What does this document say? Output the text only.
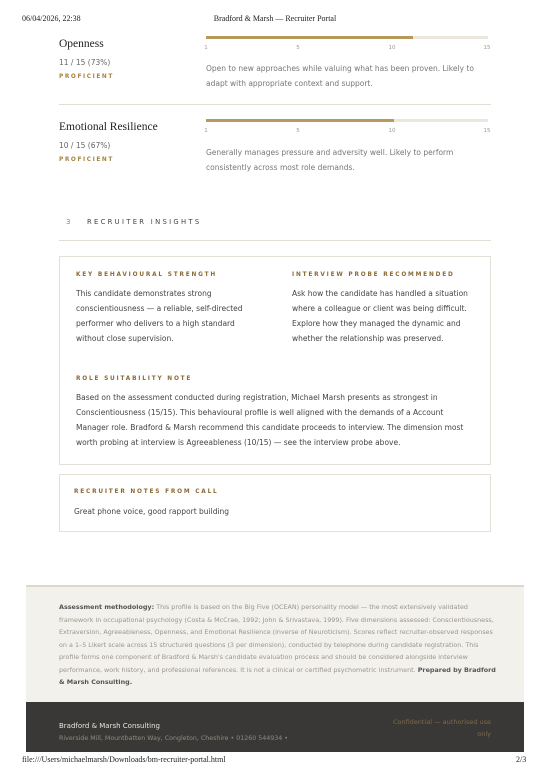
06/04/2026, 22:38	Bradford & Marsh — Recruiter Portal
Openness
11 / 15 (73%)
PROFICIENT
1	5	10	15
Open to new approaches while valuing what has been proven. Likely to adapt with appropriate context and support.
Emotional Resilience
10 / 15 (67%)
PROFICIENT
1	5	10	15
Generally manages pressure and adversity well. Likely to perform consistently across most role demands.
3 RECRUITER INSIGHTS
KEY BEHAVIOURAL STRENGTH
This candidate demonstrates strong conscientiousness — a reliable, self-directed performer who delivers to a high standard without close supervision.
INTERVIEW PROBE RECOMMENDED
Ask how the candidate has handled a situation where a colleague or client was being difficult. Explore how they managed the dynamic and whether the relationship was preserved.
ROLE SUITABILITY NOTE
Based on the assessment conducted during registration, Michael Marsh presents as strongest in Conscientiousness (15/15). This behavioural profile is well aligned with the demands of a Account Manager role. Bradford & Marsh recommend this candidate proceeds to interview. The dimension most worth probing at interview is Agreeableness (10/15) — see the interview probe above.
RECRUITER NOTES FROM CALL
Great phone voice, good rapport building
Assessment methodology: This profile is based on the Big Five (OCEAN) personality model — the most extensively validated framework in occupational psychology (Costa & McCrae, 1992; John & Srivastava, 1999). Five dimensions assessed: Conscientiousness, Extraversion, Agreeableness, Openness, and Emotional Resilience (inverse of Neuroticism). Scores reflect recruiter-observed responses on a 1–5 Likert scale across 15 structured questions (3 per dimension), conducted by telephone during candidate registration. This profile forms one component of Bradford & Marsh's candidate evaluation process and should be considered alongside interview performance, work history, and professional references. It is not a clinical or certified psychometric instrument. Prepared by Bradford & Marsh Consulting.
Bradford & Marsh Consulting
Riverside Mill, Mountbatten Way, Congleton, Cheshire • 01260 544934 •
Confidential — authorised use only
file:///Users/michaelmarsh/Downloads/bm-recruiter-portal.html	2/3
